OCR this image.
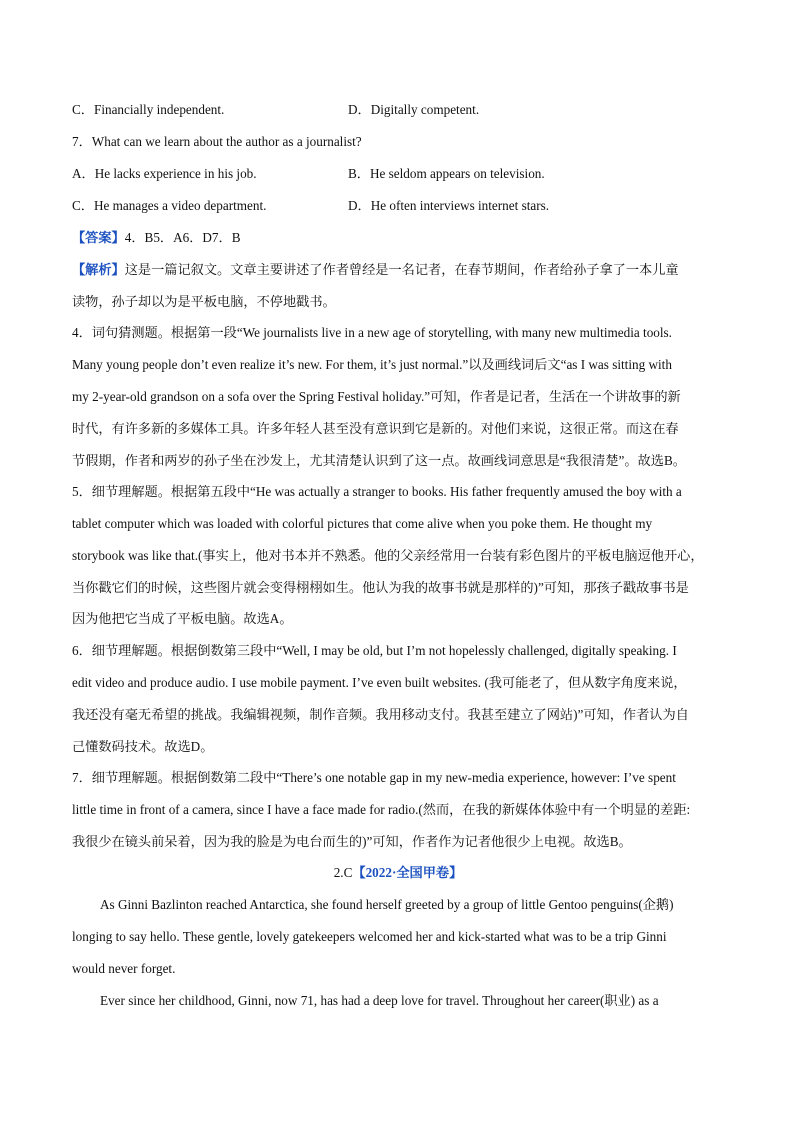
C．Financially independent.	D．Digitally competent.
7．What can we learn about the author as a journalist?
A．He lacks experience in his job.	B．He seldom appears on television.
C．He manages a video department.	D．He often interviews internet stars.
【答案】4．B5．A6．D7．B
【解析】这是一篇记叙文。文章主要讲述了作者曾经是一名记者，在春节期间，作者给孙子拿了一本儿童
读物，孙子却以为是平板电脑，不停地戳书。
4．词句猜测题。根据第一段“We journalists live in a new age of storytelling, with many new multimedia tools.
Many young people don’t even realize it’s new. For them, it’s just normal.”以及画线词后文“as I was sitting with
my 2-year-old grandson on a sofa over the Spring Festival holiday.”可知，作者是记者，生活在一个讲故事的新
时代，有许多新的多媒体工具。许多年轻人甚至没有意识到它是新的。对他们来说，这很正常。而这在春
节假期，作者和两岁的孙子坐在沙发上，尤其清楚认识到了这一点。故画线词意思是“我很清楚”。故选B。
5．细节理解题。根据第五段中“He was actually a stranger to books. His father frequently amused the boy with a
tablet computer which was loaded with colorful pictures that come alive when you poke them. He thought my
storybook was like that.(事实上，他对书本并不熟悉。他的父亲经常用一台装有彩色图片的平板电脑逗他开心，
当你戳它们的时候，这些图片就会变得栩栩如生。他认为我的故事书就是那样的)”可知，那孩子戳故事书是
因为他把它当成了平板电脑。故选A。
6．细节理解题。根据倒数第三段中“Well, I may be old, but I’m not hopelessly challenged, digitally speaking. I
edit video and produce audio. I use mobile payment. I’ve even built websites. (我可能老了，但从数字角度来说，
我还没有毫无希望的挑战。我编辑视频，制作音频。我用移动支付。我甚至建立了网站)”可知，作者认为自
己懂数码技术。故选D。
7．细节理解题。根据倒数第二段中“There’s one notable gap in my new-media experience, however: I’ve spent
little time in front of a camera, since I have a face made for radio.(然而，在我的新媒体体验中有一个明显的差距:
我很少在镜头前呆着，因为我的脸是为电台而生的)”可知，作者作为记者他很少上电视。故选B。
2.C【2022·全国甲卷】
As Ginni Bazlinton reached Antarctica, she found herself greeted by a group of little Gentoo penguins(企鹅)
longing to say hello. These gentle, lovely gatekeepers welcomed her and kick-started what was to be a trip Ginni
would never forget.
Ever since her childhood, Ginni, now 71, has had a deep love for travel. Throughout her career(职业) as a
